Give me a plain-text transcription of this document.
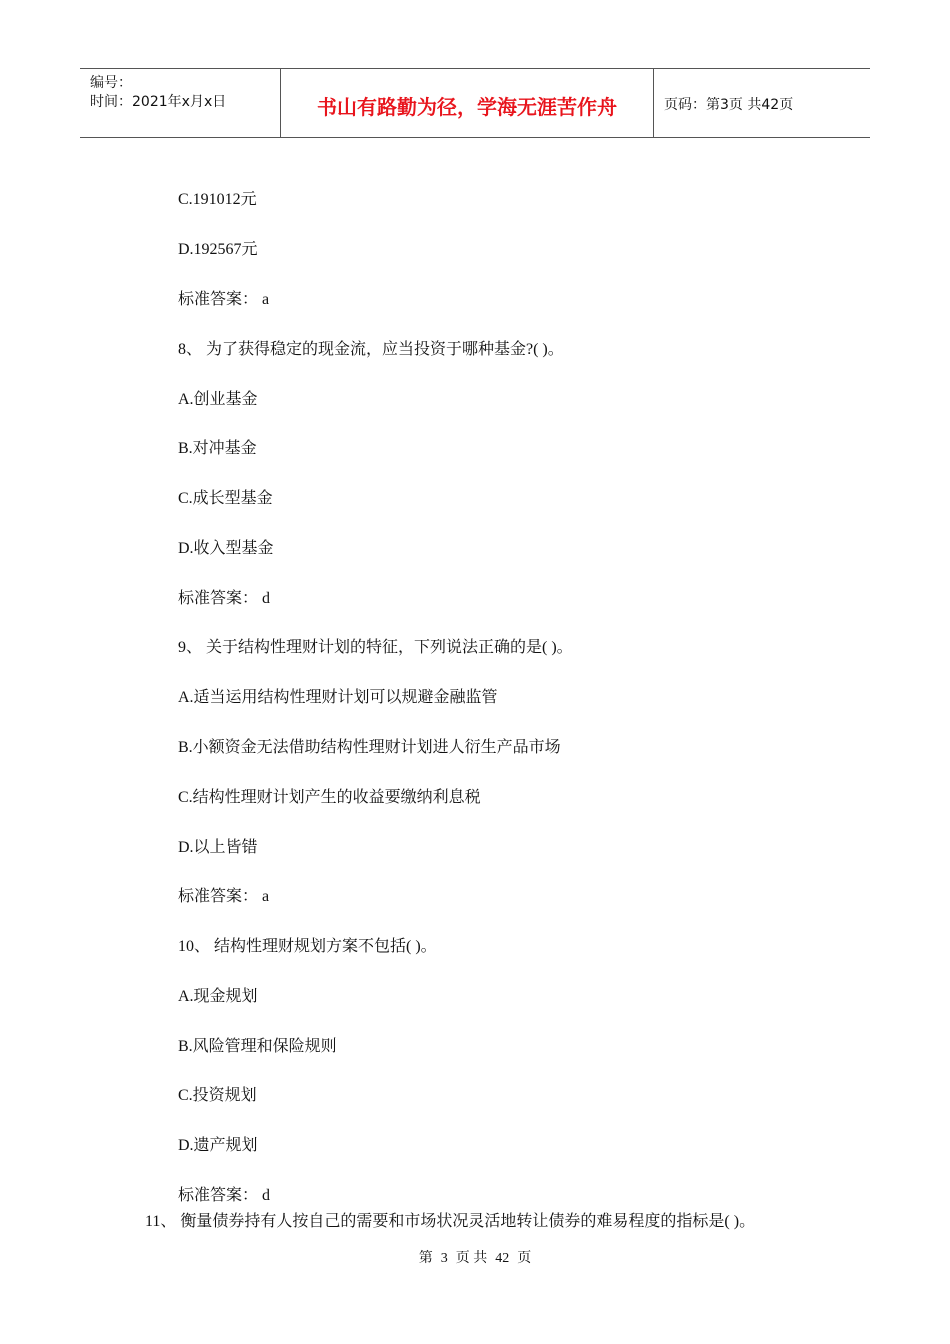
编号：
时间：2021年x月x日	书山有路勤为径，学海无涯苦作舟	页码：第3页 共42页
C.191012元
D.192567元
标准答案： a
8、 为了获得稳定的现金流，应当投资于哪种基金?( )。
A.创业基金
B.对冲基金
C.成长型基金
D.收入型基金
标准答案： d
9、 关于结构性理财计划的特征，下列说法正确的是( )。
A.适当运用结构性理财计划可以规避金融监管
B.小额资金无法借助结构性理财计划进人衍生产品市场
C.结构性理财计划产生的收益要缴纳利息税
D.以上皆错
标准答案： a
10、 结构性理财规划方案不包括( )。
A.现金规划
B.风险管理和保险规则
C.投资规划
D.遗产规划
标准答案： d
11、 衡量债券持有人按自己的需要和市场状况灵活地转让债券的难易程度的指标是( )。
第 3 页 共 42 页
